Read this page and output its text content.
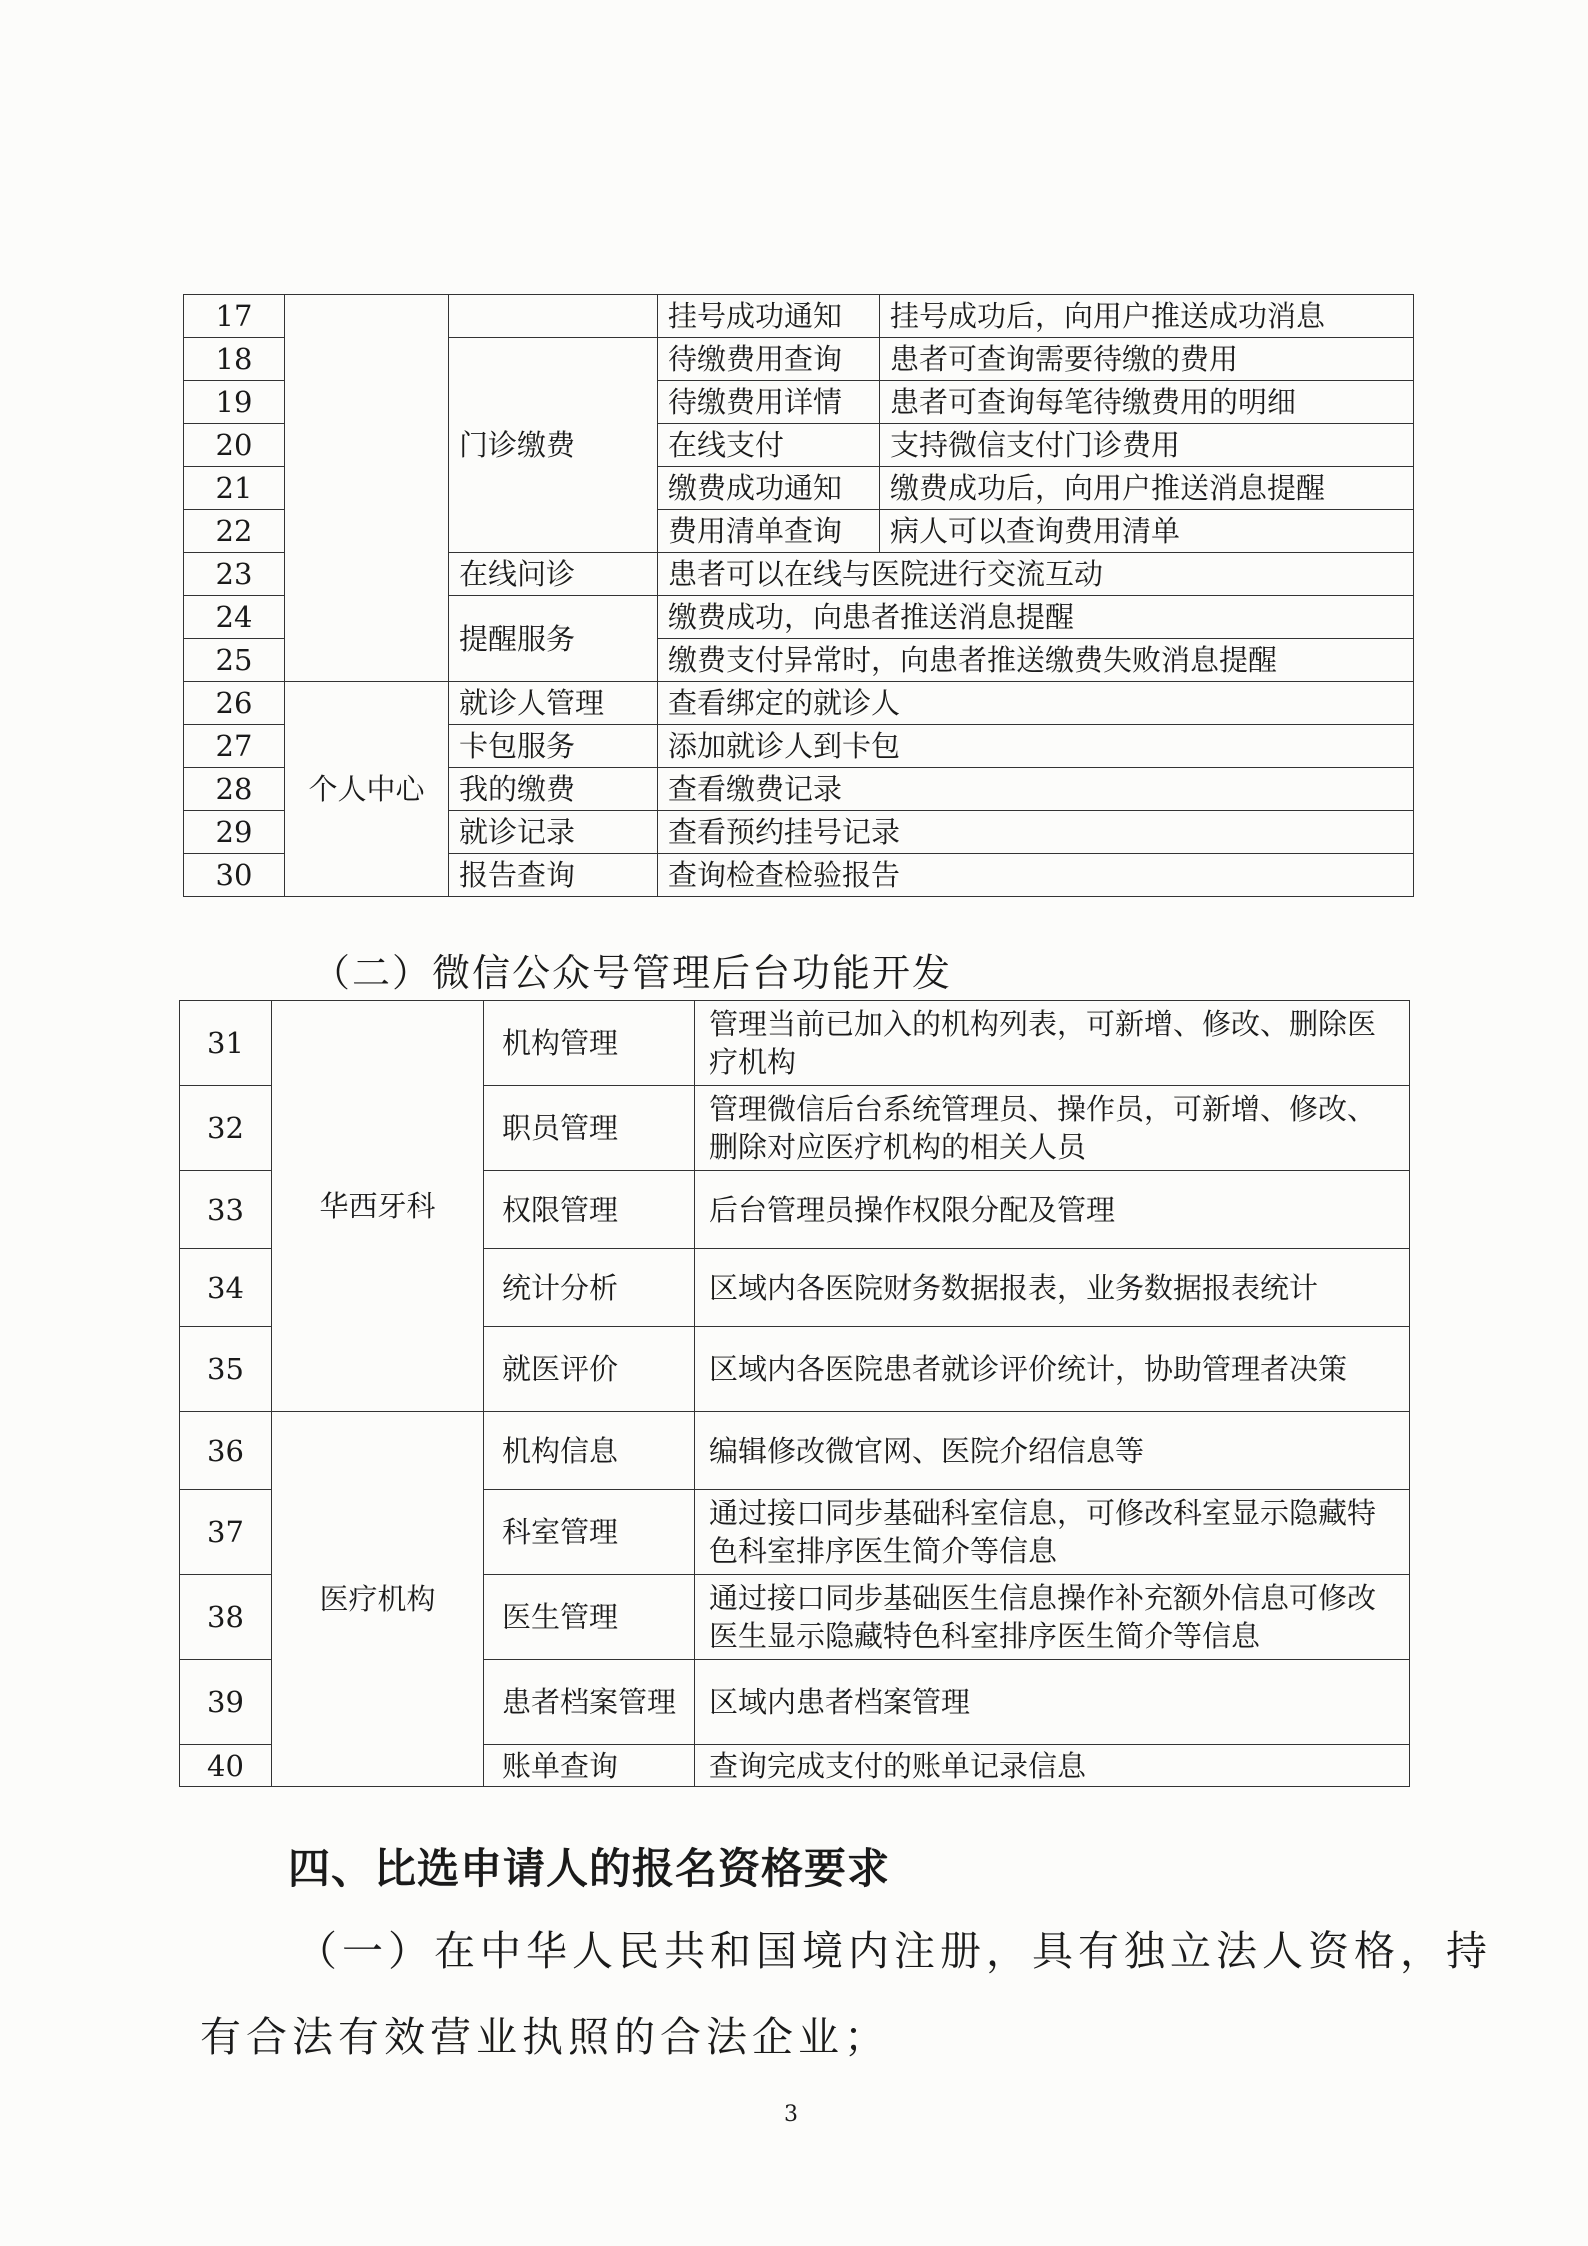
17			挂号成功通知	挂号成功后，向用户推送成功消息
18		门诊缴费	待缴费用查询	患者可查询需要待缴的费用
19			待缴费用详情	患者可查询每笔待缴费用的明细
20			在线支付	支持微信支付门诊费用
21			缴费成功通知	缴费成功后，向用户推送消息提醒
22			费用清单查询	病人可以查询费用清单
23		在线问诊	患者可以在线与医院进行交流互动	
24		提醒服务	缴费成功，向患者推送消息提醒	
25			缴费支付异常时，向患者推送缴费失败消息提醒	
26	个人中心	就诊人管理	查看绑定的就诊人	
27		卡包服务	添加就诊人到卡包	
28		我的缴费	查看缴费记录	
29		就诊记录	查看预约挂号记录	
30		报告查询	查询检查检验报告	
（二）微信公众号管理后台功能开发
31	华西牙科	机构管理	管理当前已加入的机构列表，可新增、修改、删除医疗机构
32		职员管理	管理微信后台系统管理员、操作员，可新增、修改、删除对应医疗机构的相关人员
33		权限管理	后台管理员操作权限分配及管理
34		统计分析	区域内各医院财务数据报表，业务数据报表统计
35		就医评价	区域内各医院患者就诊评价统计，协助管理者决策
36	医疗机构	机构信息	编辑修改微官网、医院介绍信息等
37		科室管理	通过接口同步基础科室信息，可修改科室显示隐藏特色科室排序医生简介等信息
38		医生管理	通过接口同步基础医生信息操作补充额外信息可修改医生显示隐藏特色科室排序医生简介等信息
39		患者档案管理	区域内患者档案管理
40		账单查询	查询完成支付的账单记录信息
四、比选申请人的报名资格要求
（一）在中华人民共和国境内注册，具有独立法人资格，持
有合法有效营业执照的合法企业；
3
